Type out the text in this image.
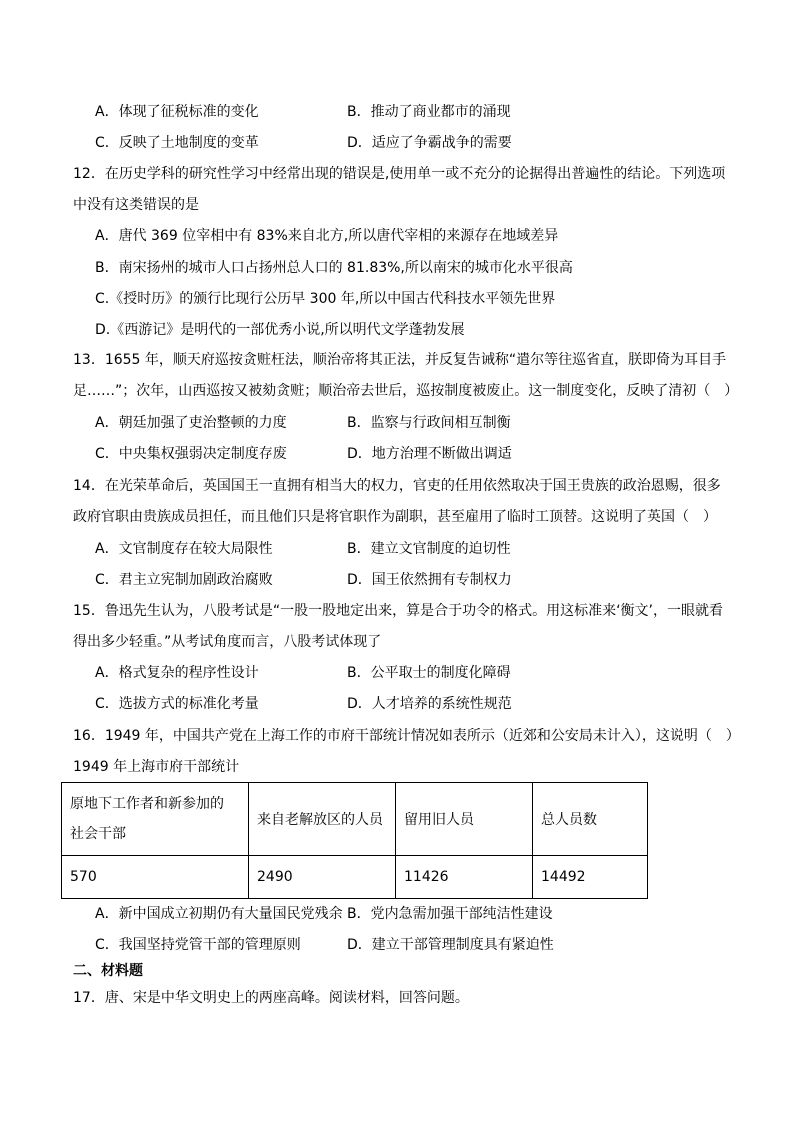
A．体现了征税标准的变化	B．推动了商业都市的涌现
C．反映了土地制度的变革	D．适应了争霸战争的需要
12．在历史学科的研究性学习中经常出现的错误是,使用单一或不充分的论据得出普遍性的结论。下列选项
中没有这类错误的是
A．唐代 369 位宰相中有 83%来自北方,所以唐代宰相的来源存在地域差异
B．南宋扬州的城市人口占扬州总人口的 81.83%,所以南宋的城市化水平很高
C.《授时历》的颁行比现行公历早 300 年,所以中国古代科技水平领先世界
D.《西游记》是明代的一部优秀小说,所以明代文学蓬勃发展
13．1655 年，顺天府巡按贪赃枉法，顺治帝将其正法，并反复告诫称“遣尔等往巡省直，朕即倚为耳目手
足……”；次年，山西巡按又被劾贪赃；顺治帝去世后，巡按制度被废止。这一制度变化，反映了清初（　）
A．朝廷加强了吏治整顿的力度	B．监察与行政间相互制衡
C．中央集权强弱决定制度存废	D．地方治理不断做出调适
14．在光荣革命后，英国国王一直拥有相当大的权力，官吏的任用依然取决于国王贵族的政治恩赐，很多
政府官职由贵族成员担任，而且他们只是将官职作为副职，甚至雇用了临时工顶替。这说明了英国（　）
A．文官制度存在较大局限性	B．建立文官制度的迫切性
C．君主立宪制加剧政治腐败	D．国王依然拥有专制权力
15．鲁迅先生认为，八股考试是“一股一股地定出来，算是合于功令的格式。用这标准来‘衡文’，一眼就看
得出多少轻重。”从考试角度而言，八股考试体现了
A．格式复杂的程序性设计	B．公平取士的制度化障碍
C．选拔方式的标准化考量	D．人才培养的系统性规范
16．1949 年，中国共产党在上海工作的市府干部统计情况如表所示（近郊和公安局未计入），这说明（　）
1949 年上海市府干部统计
原地下工作者和新参加的
社会干部	来自老解放区的人员	留用旧人员	总人员数
570	2490	11426	14492
A．新中国成立初期仍有大量国民党残余 B．党内急需加强干部纯洁性建设
C．我国坚持党管干部的管理原则	D．建立干部管理制度具有紧迫性
二、材料题
17．唐、宋是中华文明史上的两座高峰。阅读材料，回答问题。
